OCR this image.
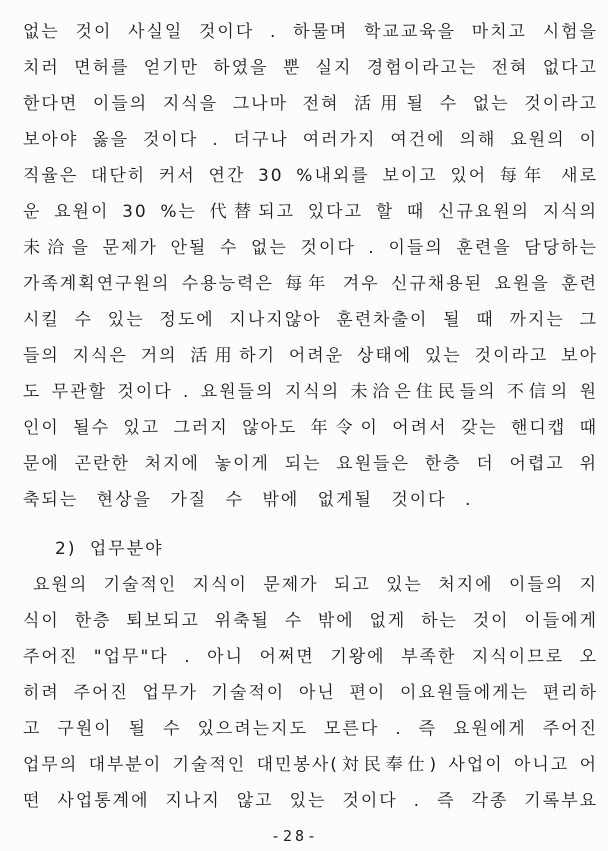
없는 것이 사실일 것이다 . 하물며 학교교육을 마치고 시험을
치러 면허를 얻기만 하였을 뿐 실지 경험이라고는 전혀 없다고
한다면 이들의 지식을 그나마 전혀 活用될 수 없는 것이라고
보아야 옳을 것이다 . 더구나 여러가지 여건에 의해 요원의 이
직율은 대단히 커서 연간 30 %내외를 보이고 있어 每年 새로
운 요원이 30 %는 代替되고 있다고 할 때 신규요원의 지식의
未洽을 문제가 안될 수 없는 것이다 . 이들의 훈련을 담당하는
가족계획연구원의 수용능력은 每年 겨우 신규채용된 요원을 훈련
시킬 수 있는 정도에 지나지않아 훈련차출이 될 때 까지는 그
들의 지식은 거의 活用하기 어려운 상태에 있는 것이라고 보아
도 무관할 것이다 . 요원들의 지식의 未洽은住民들의 不信의 원
인이 될수 있고 그러지 않아도 年令이 어려서 갖는 핸디캡 때
문에 곤란한 처지에 놓이게 되는 요원들은 한층 더 어렵고 위
축되는 현상을 가질 수 밖에 없게될 것이다 .
2) 업무분야
요원의 기술적인 지식이 문제가 되고 있는 처지에 이들의 지
식이 한층 퇴보되고 위축될 수 밖에 없게 하는 것이 이들에게
주어진 "업무"다 . 아니 어쩌면 기왕에 부족한 지식이므로 오
히려 주어진 업무가 기술적이 아닌 편이 이요원들에게는 편리하
고 구원이 될 수 있으려는지도 모른다 . 즉 요원에게 주어진
업무의 대부분이 기술적인 대민봉사(対民奉仕) 사업이 아니고 어
떤 사업통계에 지나지 않고 있는 것이다 . 즉 각종 기록부요
-28-
